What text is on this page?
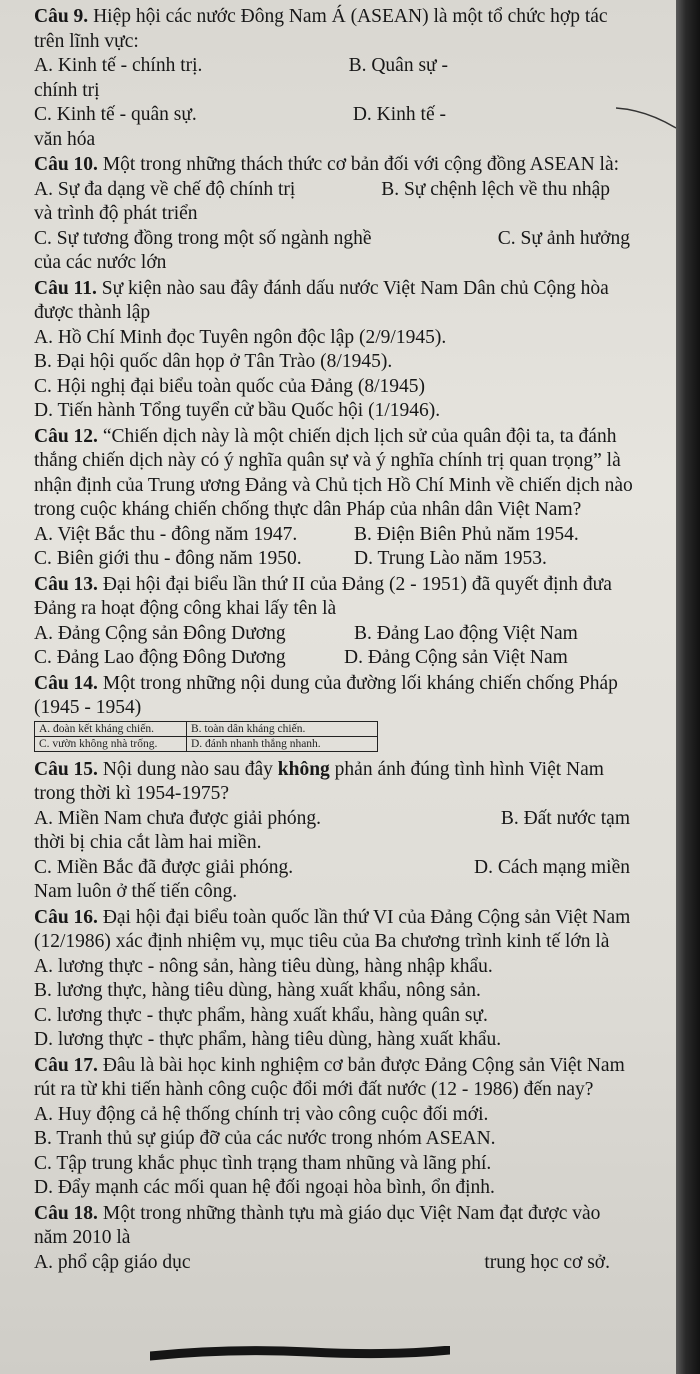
Câu 9. Hiệp hội các nước Đông Nam Á (ASEAN) là một tổ chức hợp tác trên lĩnh vực:

A. Kinh tế - chính trị.	B. Quân sự -

chính trị

C. Kinh tế - quân sự.	D. Kinh tế -

văn hóa

Câu 10. Một trong những thách thức cơ bản đối với cộng đồng ASEAN là:

A. Sự đa dạng về chế độ chính trị	B. Sự chệnh lệch về thu nhập

và trình độ phát triển

C. Sự tương đồng trong một số ngành nghề	C. Sự ảnh hưởng

của các nước lớn

Câu 11. Sự kiện nào sau đây đánh dấu nước Việt Nam Dân chủ Cộng hòa được thành lập

A. Hồ Chí Minh đọc Tuyên ngôn độc lập (2/9/1945).

B. Đại hội quốc dân họp ở Tân Trào (8/1945).

C. Hội nghị đại biểu toàn quốc của Đảng (8/1945)

D. Tiến hành Tổng tuyển cử bầu Quốc hội (1/1946).

Câu 12. “Chiến dịch này là một chiến dịch lịch sử của quân đội ta, ta đánh thắng chiến dịch này có ý nghĩa quân sự và ý nghĩa chính trị quan trọng” là nhận định của Trung ương Đảng và Chủ tịch Hồ Chí Minh về chiến dịch nào trong cuộc kháng chiến chống thực dân Pháp của nhân dân Việt Nam?

A. Việt Bắc thu - đông năm 1947.	B. Điện Biên Phủ năm 1954.

C. Biên giới thu - đông năm 1950.	D. Trung Lào năm 1953.

Câu 13. Đại hội đại biểu lần thứ II của Đảng (2 - 1951) đã quyết định đưa Đảng ra hoạt động công khai lấy tên là

A. Đảng Cộng sản Đông Dương	B. Đảng Lao động Việt Nam

C. Đảng Lao động Đông Dương	D. Đảng Cộng sản Việt Nam

Câu 14. Một trong những nội dung của đường lối kháng chiến chống Pháp (1945 - 1954)

A. đoàn kết kháng chiến.	B. toàn dân kháng chiến.
C. vườn không nhà trống.	D. đánh nhanh thắng nhanh.

Câu 15. Nội dung nào sau đây không phản ánh đúng tình hình Việt Nam trong thời kì 1954-1975?

A. Miền Nam chưa được giải phóng.	B. Đất nước tạm

thời bị chia cắt làm hai miền.

C. Miền Bắc đã được giải phóng.	D. Cách mạng miền

Nam luôn ở thế tiến công.

Câu 16. Đại hội đại biểu toàn quốc lần thứ VI của Đảng Cộng sản Việt Nam (12/1986) xác định nhiệm vụ, mục tiêu của Ba chương trình kinh tế lớn là

A. lương thực - nông sản, hàng tiêu dùng, hàng nhập khẩu.

B. lương thực, hàng tiêu dùng, hàng xuất khẩu, nông sản.

C. lương thực - thực phẩm, hàng xuất khẩu, hàng quân sự.

D. lương thực - thực phẩm, hàng tiêu dùng, hàng xuất khẩu.

Câu 17. Đâu là bài học kinh nghiệm cơ bản được Đảng Cộng sản Việt Nam rút ra từ khi tiến hành công cuộc đổi mới đất nước (12 - 1986) đến nay?

A. Huy động cả hệ thống chính trị vào công cuộc đối mới.

B. Tranh thủ sự giúp đỡ của các nước trong nhóm ASEAN.

C. Tập trung khắc phục tình trạng tham nhũng và lãng phí.

D. Đẩy mạnh các mối quan hệ đối ngoại hòa bình, ổn định.

Câu 18. Một trong những thành tựu mà giáo dục Việt Nam đạt được vào năm 2010 là

A. phổ cập giáo dục	trung học cơ sở.
